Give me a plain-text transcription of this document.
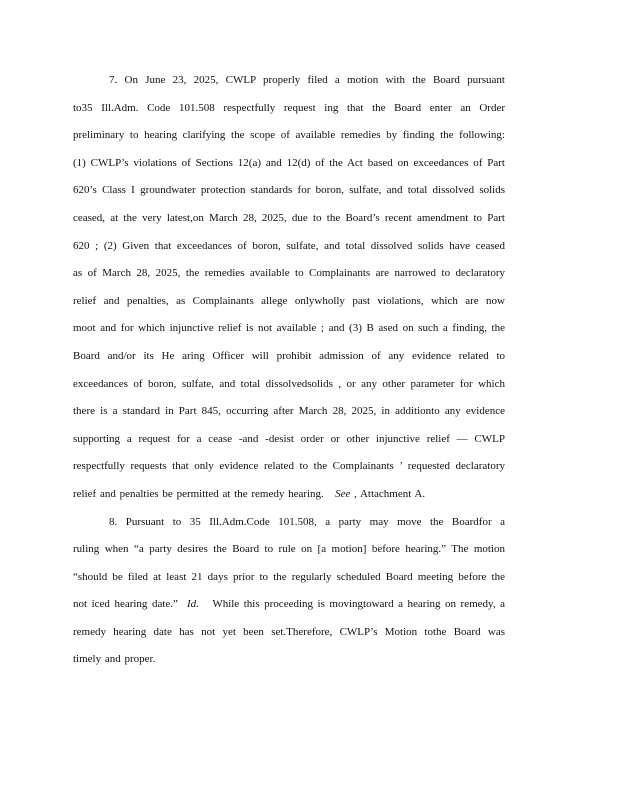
7. On June 23, 2025, CWLP properly filed a motion with the Board pursuant
to35 Ill.Adm. Code 101.508 respectfully request ing that the Board enter an Order
preliminary to hearing clarifying the scope of available remedies by finding the following:
(1) CWLP’s violations of Sections 12(a) and 12(d) of the Act based on exceedances of Part
620’s Class I groundwater protection standards for boron, sulfate, and total dissolved solids
ceased, at the very latest,on March 28, 2025, due to the Board’s recent amendment to Part
620 ; (2) Given that exceedances of boron, sulfate, and total dissolved solids have ceased
as of March 28, 2025, the remedies available to Complainants are narrowed to declaratory
relief and penalties, as Complainants allege onlywholly past violations, which are now
moot and for which injunctive relief is not available ; and (3) B ased on such a finding, the
Board and/or its He aring Officer will prohibit admission of any evidence related to
exceedances of boron, sulfate, and total dissolvedsolids , or any other parameter for which
there is a standard in Part 845, occurring after March 28, 2025, in additionto any evidence
supporting a request for a cease -and -desist order or other injunctive relief — CWLP
respectfully requests that only evidence related to the Complainants ’ requested declaratory
relief and penalties be permitted at the remedy hearing. See , Attachment A.
8. Pursuant to 35 Ill.Adm.Code 101.508, a party may move the Boardfor a
ruling when “a party desires the Board to rule on [a motion] before hearing.” The motion
“should be filed at least 21 days prior to the regularly scheduled Board meeting before the
not iced hearing date.” Id. While this proceeding is movingtoward a hearing on remedy, a
remedy hearing date has not yet been set.Therefore, CWLP’s Motion tothe Board was
timely and proper.
